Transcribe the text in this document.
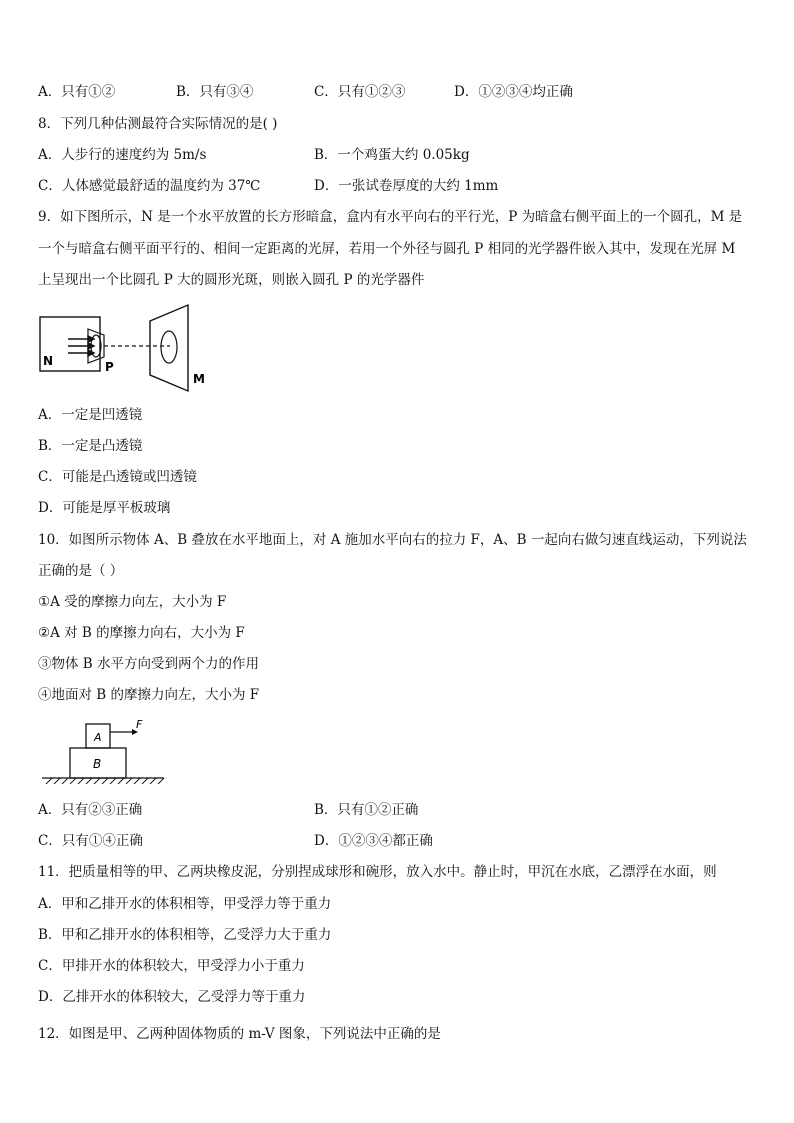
A．只有①②	B．只有③④	C．只有①②③	D．①②③④均正确
8．下列几种估测最符合实际情况的是( )
A．人步行的速度约为 5m/s	B．一个鸡蛋大约 0.05kg
C．人体感觉最舒适的温度约为 37℃	D．一张试卷厚度的大约 1mm
9．如下图所示，N 是一个水平放置的长方形暗盒，盒内有水平向右的平行光，P 为暗盒右侧平面上的一个圆孔，M 是
一个与暗盒右侧平面平行的、相间一定距离的光屏，若用一个外径与圆孔 P 相同的光学器件嵌入其中，发现在光屏 M
上呈现出一个比圆孔 P 大的圆形光斑，则嵌入圆孔 P 的光学器件
N	P
M
A．一定是凹透镜
B．一定是凸透镜
C．可能是凸透镜或凹透镜
D．可能是厚平板玻璃
10．如图所示物体 A、B 叠放在水平地面上，对 A 施加水平向右的拉力 F，A、B 一起向右做匀速直线运动，下列说法
正确的是（ ）
①A 受的摩擦力向左，大小为 F
②A 对 B 的摩擦力向右，大小为 F
③物体 B 水平方向受到两个力的作用
④地面对 B 的摩擦力向左，大小为 F
F
A
B
A．只有②③正确	B．只有①②正确
C．只有①④正确	D．①②③④都正确
11．把质量相等的甲、乙两块橡皮泥，分别捏成球形和碗形，放入水中。静止时，甲沉在水底，乙漂浮在水面，则
A．甲和乙排开水的体积相等，甲受浮力等于重力
B．甲和乙排开水的体积相等，乙受浮力大于重力
C．甲排开水的体积较大，甲受浮力小于重力
D．乙排开水的体积较大，乙受浮力等于重力
12．如图是甲、乙两种固体物质的 m-V 图象，下列说法中正确的是
